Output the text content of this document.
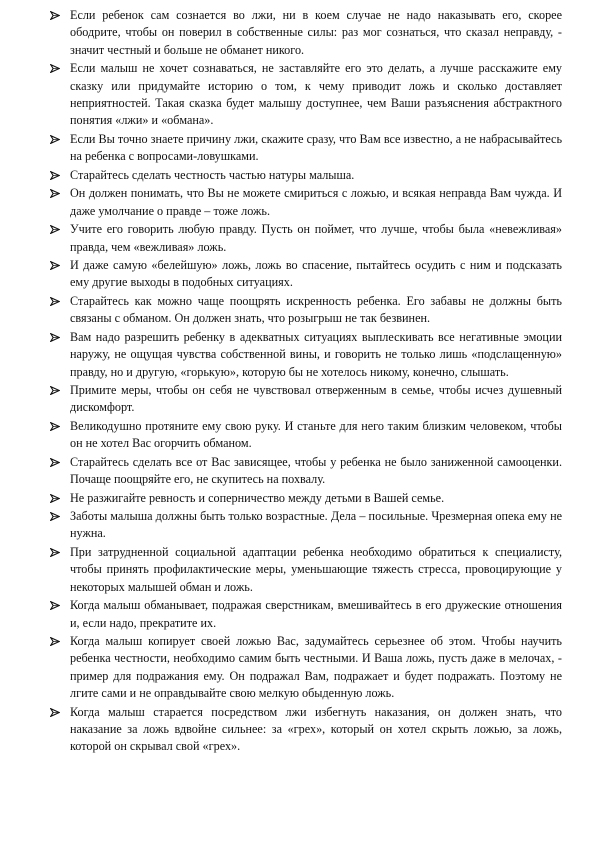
Если ребенок сам сознается во лжи, ни в коем случае не надо наказывать его, скорее ободрите, чтобы он поверил в собственные силы: раз мог сознаться, что сказал неправду, - значит честный и больше не обманет никого.
Если малыш не хочет сознаваться, не заставляйте его это делать, а лучше расскажите ему сказку или придумайте историю о том, к чему приводит ложь и сколько доставляет неприятностей. Такая сказка будет малышу доступнее, чем Ваши разъяснения абстрактного понятия «лжи» и «обмана».
Если Вы точно знаете причину лжи, скажите сразу, что Вам все известно, а не набрасывайтесь на ребенка с вопросами-ловушками.
Старайтесь сделать честность частью натуры малыша.
Он должен понимать, что Вы не можете смириться с ложью, и всякая неправда Вам чужда. И даже умолчание о правде – тоже ложь.
Учите его говорить любую правду. Пусть он поймет, что лучше, чтобы была «невежливая» правда, чем «вежливая» ложь.
И даже самую «белейшую» ложь, ложь во спасение, пытайтесь осудить с ним и подсказать ему другие выходы в подобных ситуациях.
Старайтесь как можно чаще поощрять искренность ребенка. Его забавы не должны быть связаны с обманом. Он должен знать, что розыгрыш не так безвинен.
Вам надо разрешить ребенку в адекватных ситуациях выплескивать все негативные эмоции наружу, не ощущая чувства собственной вины, и говорить не только лишь «подслащенную» правду, но и другую, «горькую», которую бы не хотелось никому, конечно, слышать.
Примите меры, чтобы он себя не чувствовал отверженным в семье, чтобы исчез душевный дискомфорт.
Великодушно протяните ему свою руку. И станьте для него таким близким человеком, чтобы он не хотел Вас огорчить обманом.
Старайтесь сделать все от Вас зависящее, чтобы у ребенка не было заниженной самооценки. Почаще поощряйте его, не скупитесь на похвалу.
Не разжигайте ревность и соперничество между детьми в Вашей семье.
Заботы малыша должны быть только возрастные. Дела – посильные. Чрезмерная опека ему не нужна.
При затрудненной социальной адаптации ребенка необходимо обратиться к специалисту, чтобы принять профилактические меры, уменьшающие тяжесть стресса, провоцирующие у некоторых малышей обман и ложь.
Когда малыш обманывает, подражая сверстникам, вмешивайтесь в его дружеские отношения и, если надо, прекратите их.
Когда малыш копирует своей ложью Вас, задумайтесь серьезнее об этом. Чтобы научить ребенка честности, необходимо самим быть честными. И Ваша ложь, пусть даже в мелочах, - пример для подражания ему. Он подражал Вам, подражает и будет подражать. Поэтому не лгите сами и не оправдывайте свою мелкую обыденную ложь.
Когда малыш старается посредством лжи избегнуть наказания, он должен знать, что наказание за ложь вдвойне сильнее: за «грех», который он хотел скрыть ложью, за ложь, которой он скрывал свой «грех».
